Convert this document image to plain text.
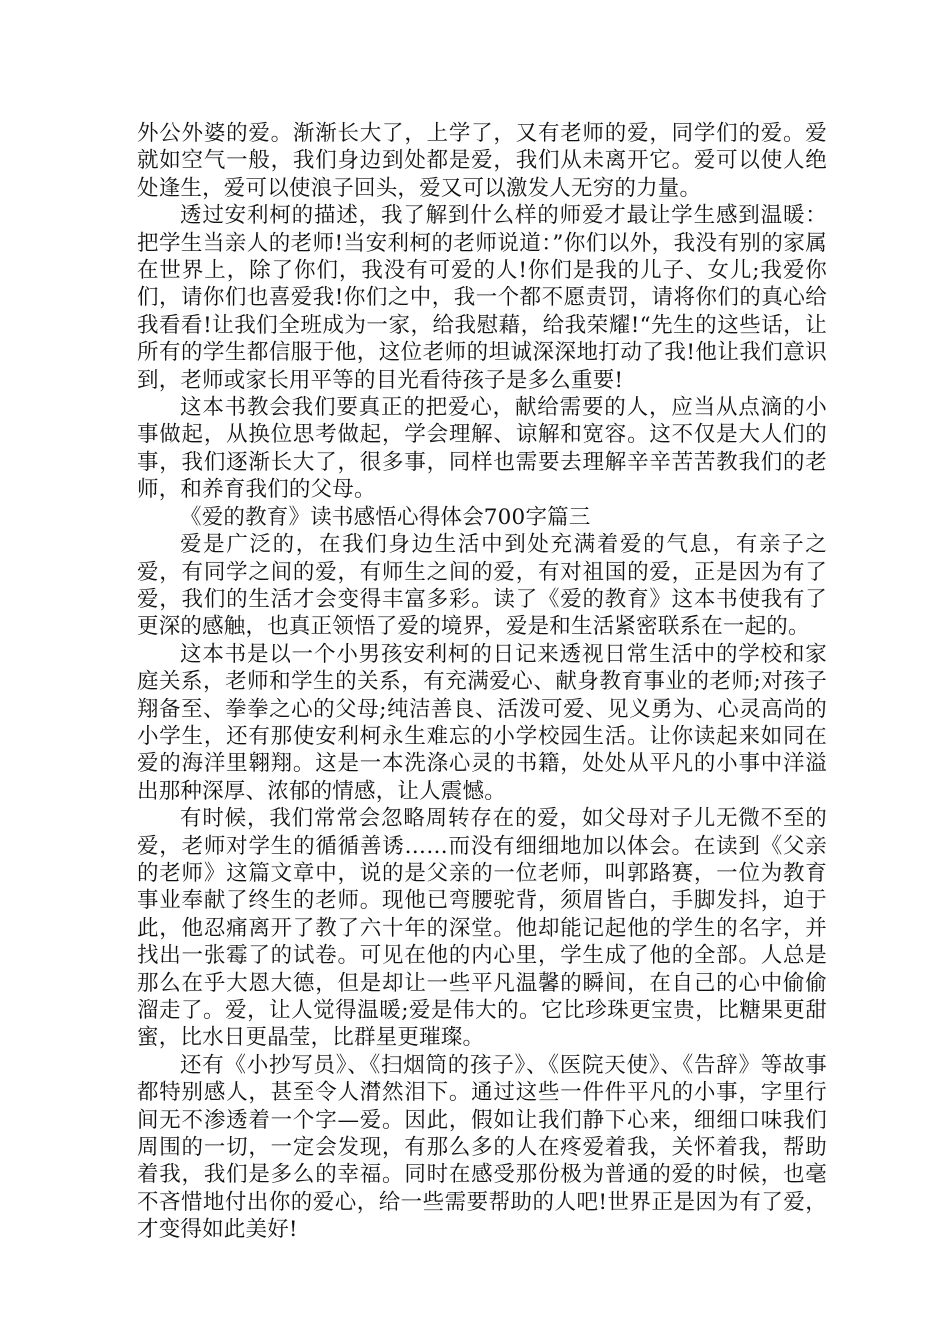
外公外婆的爱。渐渐长大了，上学了，又有老师的爱，同学们的爱。爱就如空气一般，我们身边到处都是爱，我们从未离开它。爱可以使人绝处逢生，爱可以使浪子回头，爱又可以激发人无穷的力量。

透过安利柯的描述，我了解到什么样的师爱才最让学生感到温暖：把学生当亲人的老师!当安利柯的老师说道：”你们以外，我没有别的家属在世界上，除了你们，我没有可爱的人!你们是我的儿子、女儿;我爱你们，请你们也喜爱我!你们之中，我一个都不愿责罚，请将你们的真心给我看看!让我们全班成为一家，给我慰藉，给我荣耀!“先生的这些话，让所有的学生都信服于他，这位老师的坦诚深深地打动了我!他让我们意识到，老师或家长用平等的目光看待孩子是多么重要!

这本书教会我们要真正的把爱心，献给需要的人，应当从点滴的小事做起，从换位思考做起，学会理解、谅解和宽容。这不仅是大人们的事，我们逐渐长大了，很多事，同样也需要去理解辛辛苦苦教我们的老师，和养育我们的父母。

《爱的教育》读书感悟心得体会700字篇三

爱是广泛的，在我们身边生活中到处充满着爱的气息，有亲子之爱，有同学之间的爱，有师生之间的爱，有对祖国的爱，正是因为有了爱，我们的生活才会变得丰富多彩。读了《爱的教育》这本书使我有了更深的感触，也真正领悟了爱的境界，爱是和生活紧密联系在一起的。

这本书是以一个小男孩安利柯的日记来透视日常生活中的学校和家庭关系，老师和学生的关系，有充满爱心、献身教育事业的老师;对孩子翔备至、拳拳之心的父母;纯洁善良、活泼可爱、见义勇为、心灵高尚的小学生，还有那使安利柯永生难忘的小学校园生活。让你读起来如同在爱的海洋里翱翔。这是一本洗涤心灵的书籍，处处从平凡的小事中洋溢出那种深厚、浓郁的情感，让人震憾。

有时候，我们常常会忽略周转存在的爱，如父母对子儿无微不至的爱，老师对学生的循循善诱……而没有细细地加以体会。在读到《父亲的老师》这篇文章中，说的是父亲的一位老师，叫郭路赛，一位为教育事业奉献了终生的老师。现他已弯腰驼背，须眉皆白，手脚发抖，迫于此，他忍痛离开了教了六十年的深堂。他却能记起他的学生的名字，并找出一张霉了的试卷。可见在他的内心里，学生成了他的全部。人总是那么在乎大恩大德，但是却让一些平凡温馨的瞬间，在自己的心中偷偷溜走了。爱，让人觉得温暖;爱是伟大的。它比珍珠更宝贵，比糖果更甜蜜，比水日更晶莹，比群星更璀璨。

还有《小抄写员》、《扫烟筒的孩子》、《医院天使》、《告辞》等故事都特别感人，甚至令人潸然泪下。通过这些一件件平凡的小事，字里行间无不渗透着一个字—爱。因此，假如让我们静下心来，细细口味我们周围的一切，一定会发现，有那么多的人在疼爱着我，关怀着我，帮助着我，我们是多么的幸福。同时在感受那份极为普通的爱的时候，也毫不吝惜地付出你的爱心，给一些需要帮助的人吧!世界正是因为有了爱，才变得如此美好!
